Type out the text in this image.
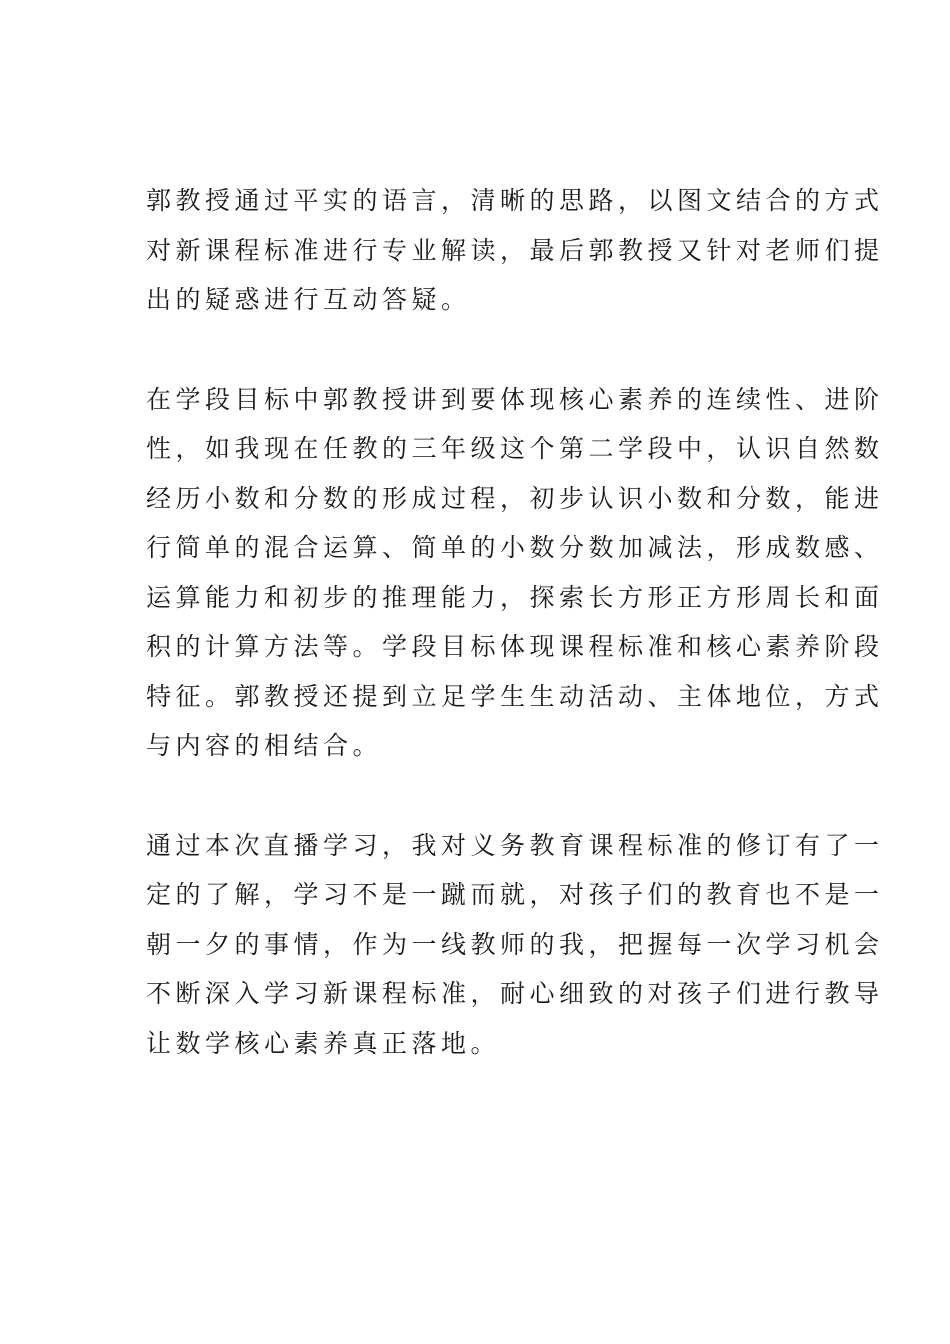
郭教授通过平实的语言，清晰的思路，以图文结合的方式
对新课程标准进行专业解读，最后郭教授又针对老师们提
出的疑惑进行互动答疑。
在学段目标中郭教授讲到要体现核心素养的连续性、进阶
性，如我现在任教的三年级这个第二学段中，认识自然数
经历小数和分数的形成过程，初步认识小数和分数，能进
行简单的混合运算、简单的小数分数加减法，形成数感、
运算能力和初步的推理能力，探索长方形正方形周长和面
积的计算方法等。学段目标体现课程标准和核心素养阶段
特征。郭教授还提到立足学生生动活动、主体地位，方式
与内容的相结合。
通过本次直播学习，我对义务教育课程标准的修订有了一
定的了解，学习不是一蹴而就，对孩子们的教育也不是一
朝一夕的事情，作为一线教师的我，把握每一次学习机会
不断深入学习新课程标准，耐心细致的对孩子们进行教导
让数学核心素养真正落地。
